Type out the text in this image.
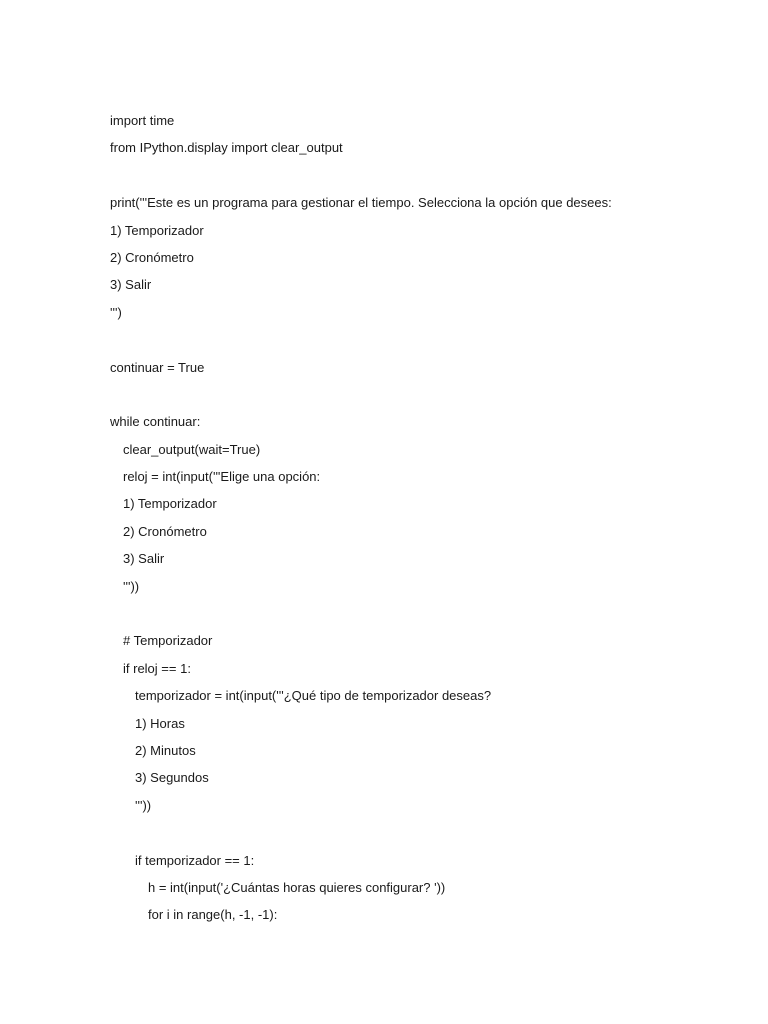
import time
from IPython.display import clear_output
print('''Este es un programa para gestionar el tiempo. Selecciona la opción que desees:
1) Temporizador
2) Cronómetro
3) Salir
''')
continuar = True
while continuar:
clear_output(wait=True)
reloj = int(input('''Elige una opción:
1) Temporizador
2) Cronómetro
3) Salir
'''))
# Temporizador
if reloj == 1:
temporizador = int(input('''¿Qué tipo de temporizador deseas?
1) Horas
2) Minutos
3) Segundos
'''))
if temporizador == 1:
h = int(input('¿Cuántas horas quieres configurar? '))
for i in range(h, -1, -1):
